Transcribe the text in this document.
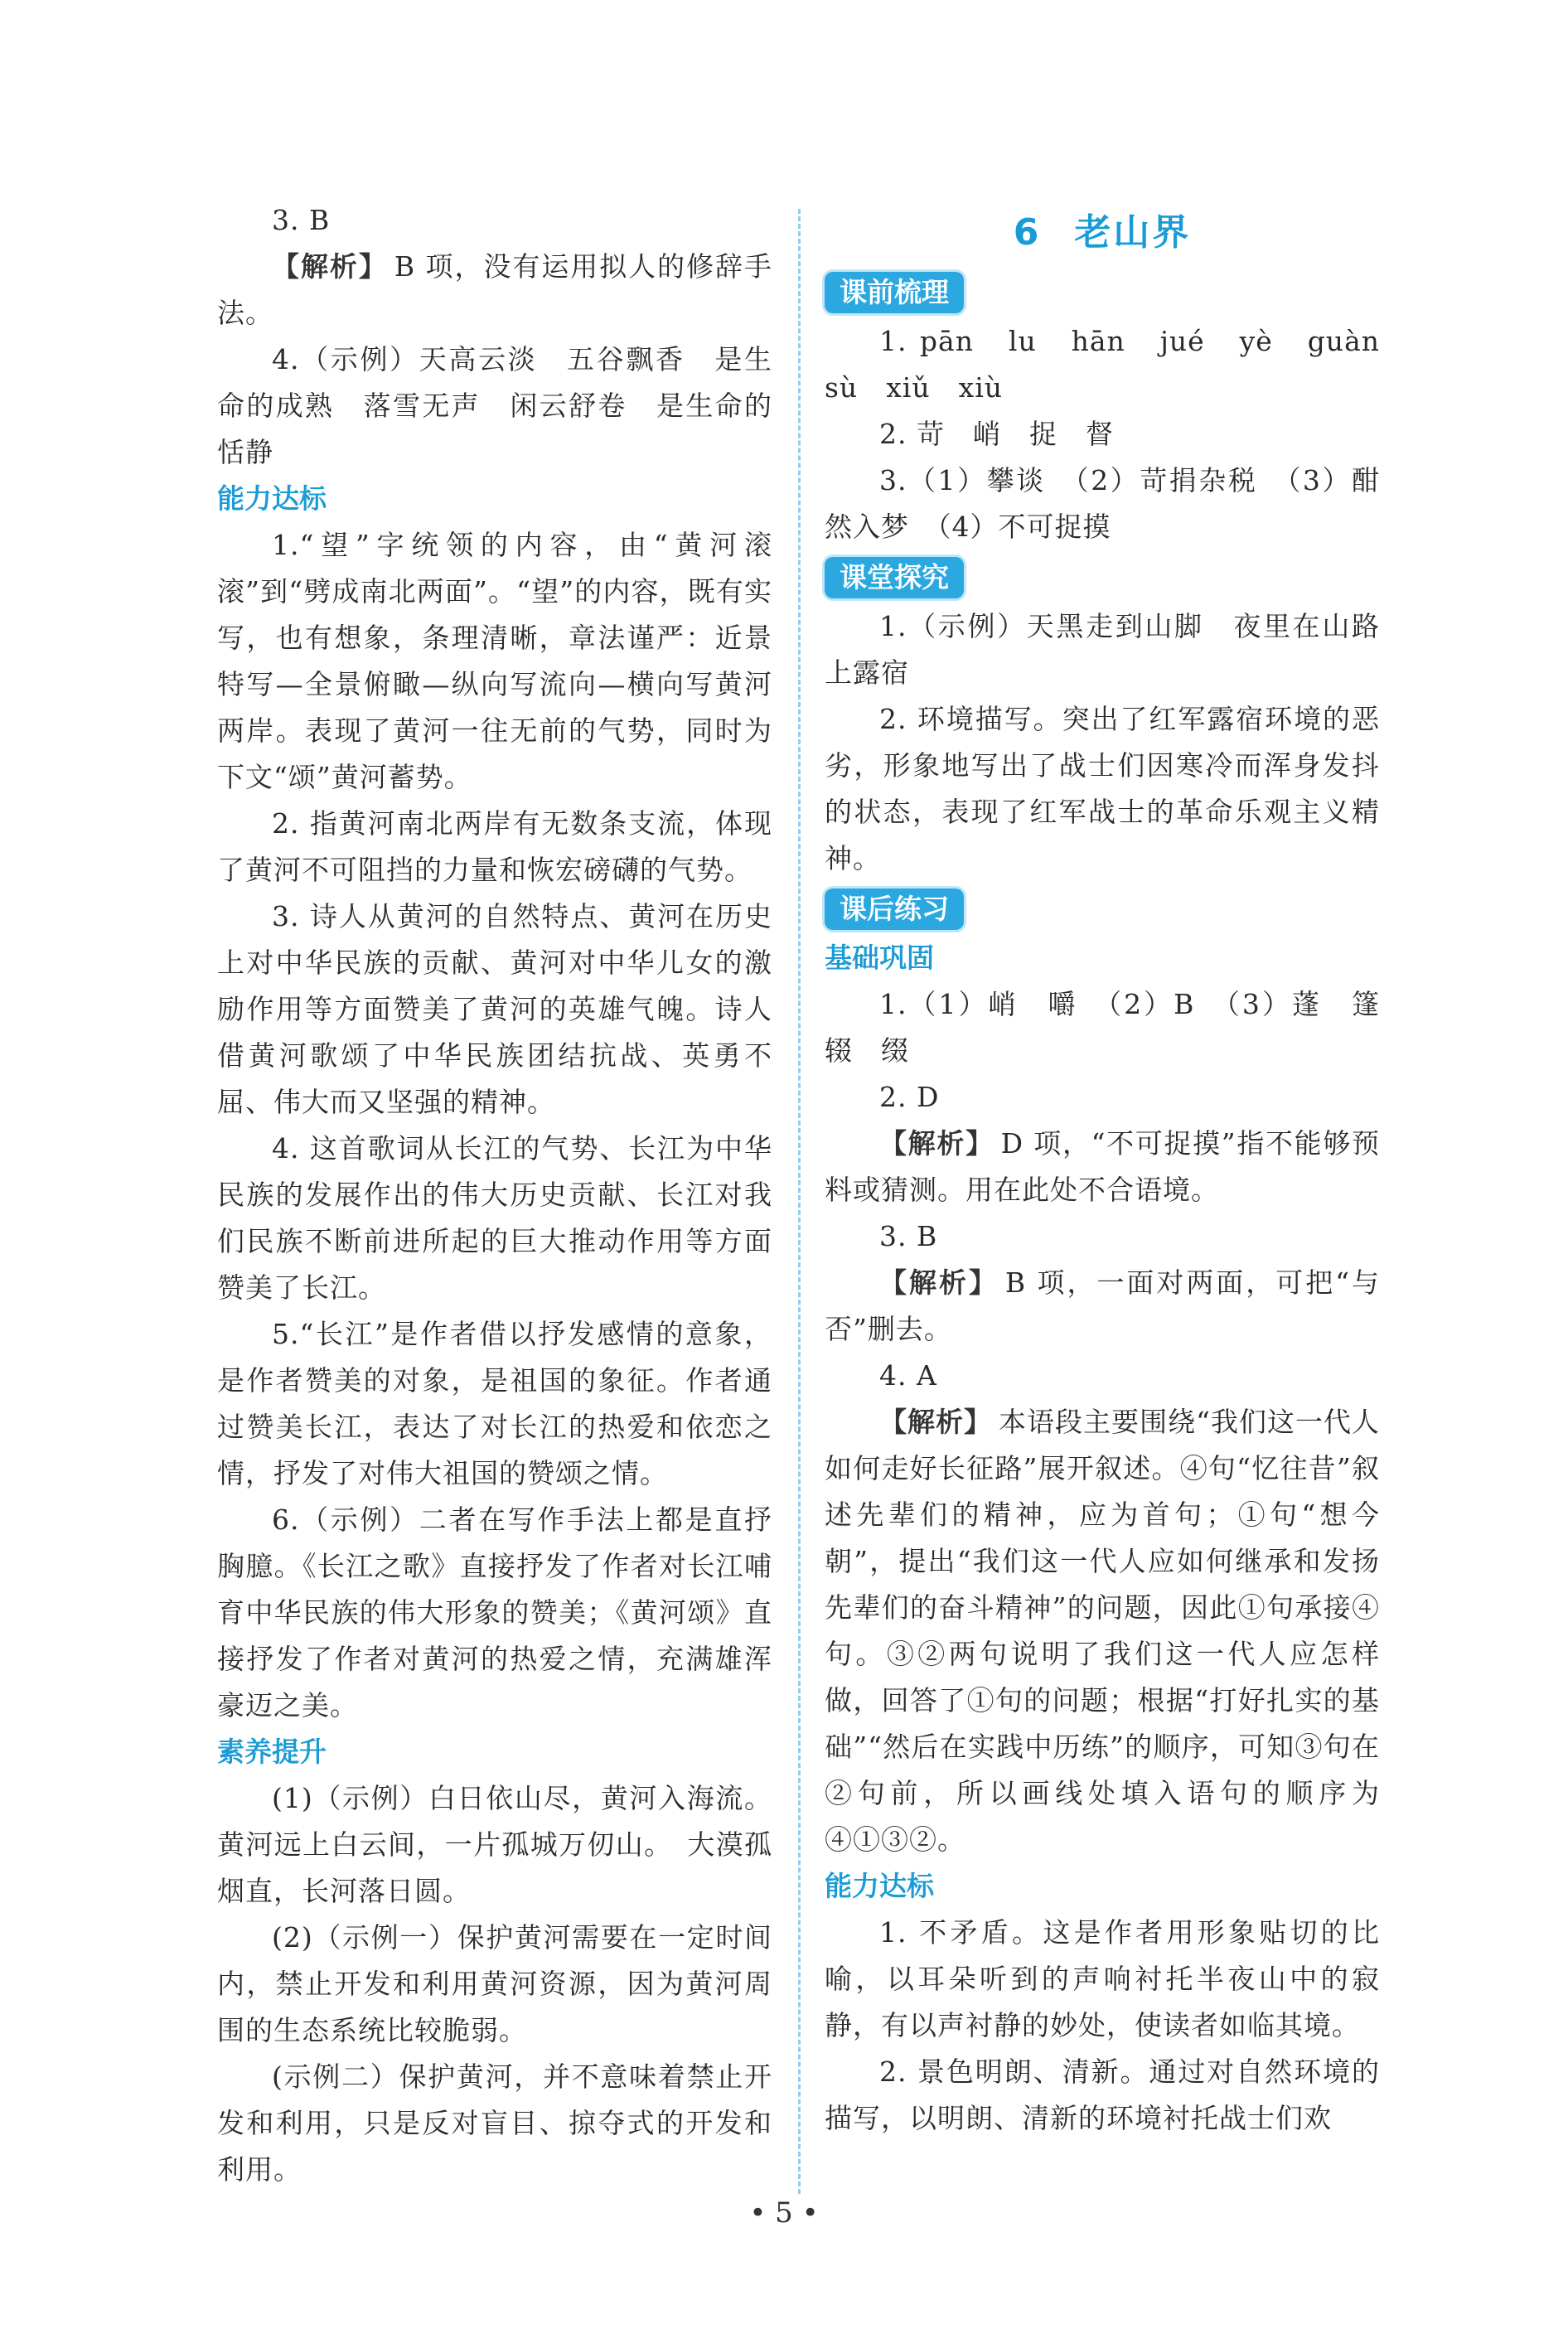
3. B

【解析】 B 项，没有运用拟人的修辞手法。

4.（示例）天高云淡　五谷飘香　是生命的成熟　落雪无声　闲云舒卷　是生命的恬静

能力达标

1.“望”字统领的内容，由“黄河滚滚”到“劈成南北两面”。“望”的内容，既有实写，也有想象，条理清晰，章法谨严：近景特写—全景俯瞰—纵向写流向—横向写黄河两岸。表现了黄河一往无前的气势，同时为下文“颂”黄河蓄势。

2. 指黄河南北两岸有无数条支流，体现了黄河不可阻挡的力量和恢宏磅礴的气势。

3. 诗人从黄河的自然特点、黄河在历史上对中华民族的贡献、黄河对中华儿女的激励作用等方面赞美了黄河的英雄气魄。诗人借黄河歌颂了中华民族团结抗战、英勇不屈、伟大而又坚强的精神。

4. 这首歌词从长江的气势、长江为中华民族的发展作出的伟大历史贡献、长江对我们民族不断前进所起的巨大推动作用等方面赞美了长江。

5.“长江”是作者借以抒发感情的意象，是作者赞美的对象，是祖国的象征。作者通过赞美长江，表达了对长江的热爱和依恋之情，抒发了对伟大祖国的赞颂之情。

6.（示例）二者在写作手法上都是直抒胸臆。《长江之歌》直接抒发了作者对长江哺育中华民族的伟大形象的赞美；《黄河颂》直接抒发了作者对黄河的热爱之情，充满雄浑豪迈之美。

素养提升

(1)（示例）白日依山尽，黄河入海流。黄河远上白云间，一片孤城万仞山。　大漠孤烟直，长河落日圆。

(2)（示例一）保护黄河需要在一定时间内，禁止开发和利用黄河资源，因为黄河周围的生态系统比较脆弱。

(示例二）保护黄河，并不意味着禁止开发和利用，只是反对盲目、掠夺式的开发和利用。

6 老山界
课前梳理

1. pān　lu　hān　jué　yè　guàn　sù　xiǔ　xiù

2. 苛　峭　捉　督

3.（1）攀谈　（2）苛捐杂税　（3）酣然入梦　（4）不可捉摸

课堂探究

1.（示例）天黑走到山脚　夜里在山路上露宿

2. 环境描写。突出了红军露宿环境的恶劣，形象地写出了战士们因寒冷而浑身发抖的状态，表现了红军战士的革命乐观主义精神。

课后练习
基础巩固

1.（1）峭　嚼　（2）B　（3）蓬　篷　辍　缀

2. D

【解析】 D 项，“不可捉摸”指不能够预料或猜测。用在此处不合语境。

3. B

【解析】 B 项，一面对两面，可把“与否”删去。

4. A

【解析】 本语段主要围绕“我们这一代人如何走好长征路”展开叙述。④句“忆往昔”叙述先辈们的精神，应为首句；①句“想今朝”，提出“我们这一代人应如何继承和发扬先辈们的奋斗精神”的问题，因此①句承接④句。③②两句说明了我们这一代人应怎样做，回答了①句的问题；根据“打好扎实的基础”“然后在实践中历练”的顺序，可知③句在②句前，所以画线处填入语句的顺序为④①③②。

能力达标

1. 不矛盾。这是作者用形象贴切的比喻，以耳朵听到的声响衬托半夜山中的寂静，有以声衬静的妙处，使读者如临其境。

2. 景色明朗、清新。通过对自然环境的描写，以明朗、清新的环境衬托战士们欢

• 5 •
